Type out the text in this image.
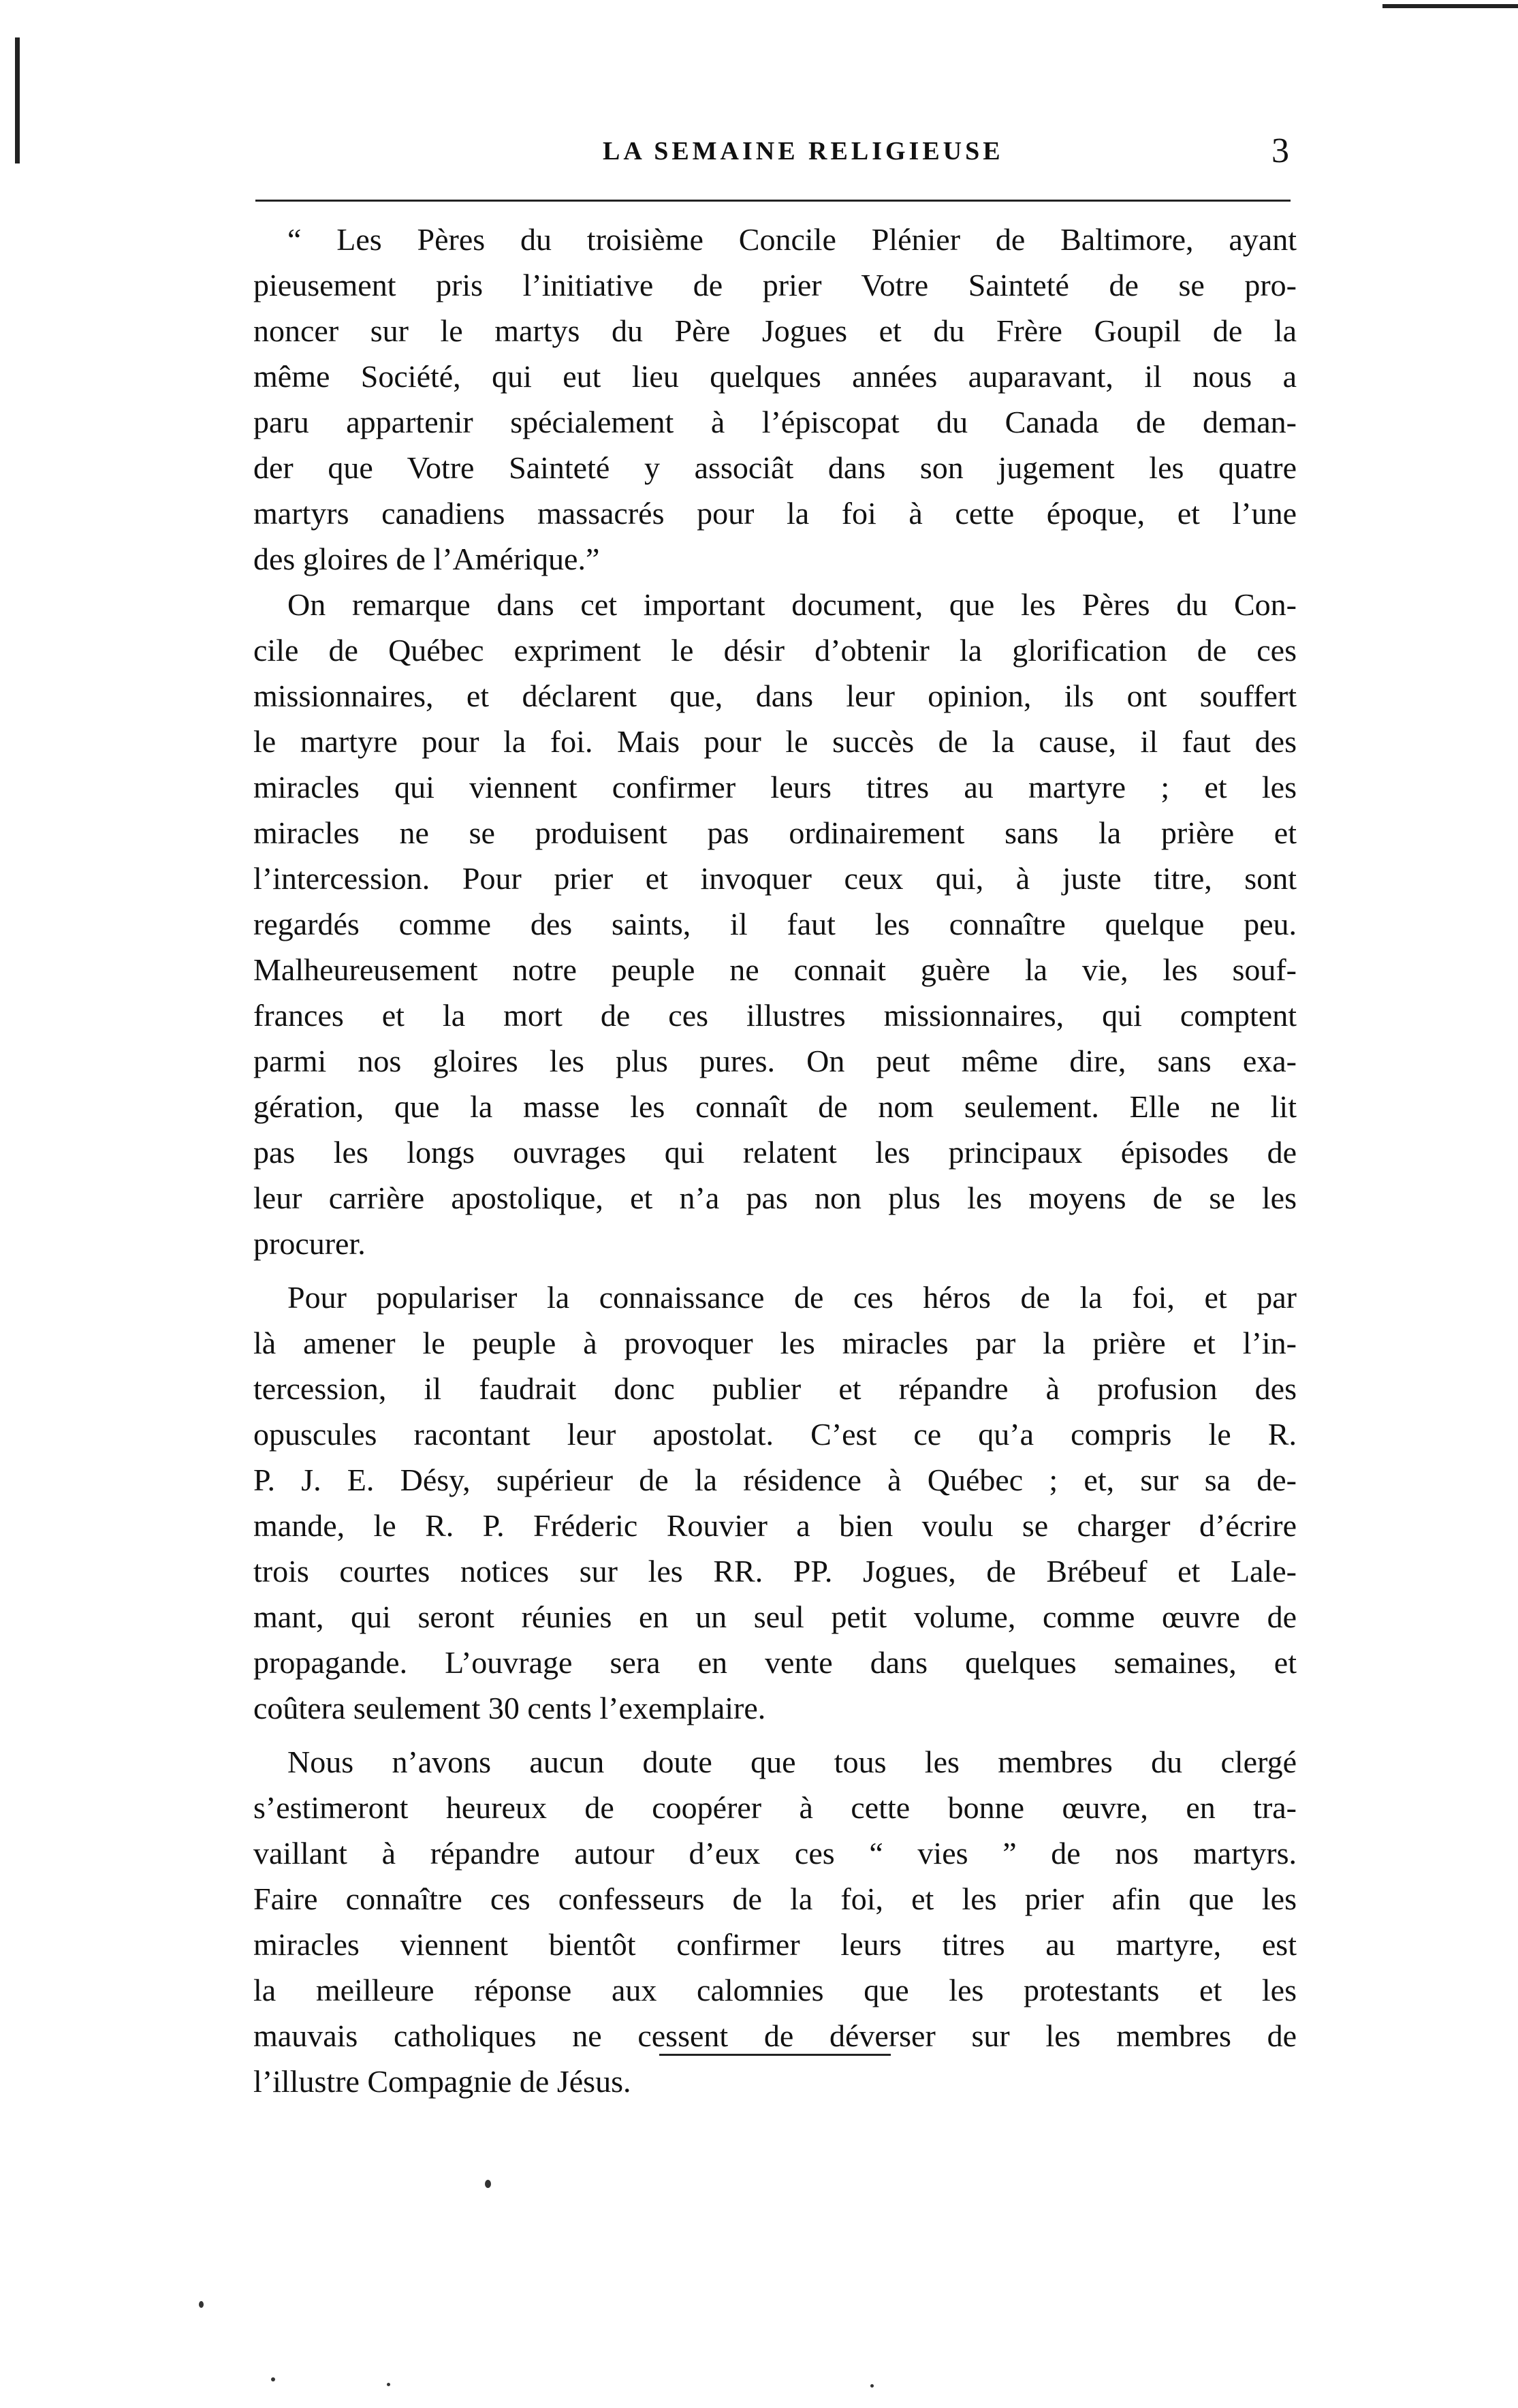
LA SEMAINE RELIGIEUSE	3
“ Les Pères du troisième Concile Plénier de Baltimore, ayant
pieusement pris l’initiative de prier Votre Sainteté de se pro-
noncer sur le martys du Père Jogues et du Frère Goupil de la
même Société, qui eut lieu quelques années auparavant, il nous a
paru appartenir spécialement à l’épiscopat du Canada de deman-
der que Votre Sainteté y associât dans son jugement les quatre
martyrs canadiens massacrés pour la foi à cette époque, et l’une
des gloires de l’Amérique.”
On remarque dans cet important document, que les Pères du Con-
cile de Québec expriment le désir d’obtenir la glorification de ces
missionnaires, et déclarent que, dans leur opinion, ils ont souffert
le martyre pour la foi. Mais pour le succès de la cause, il faut des
miracles qui viennent confirmer leurs titres au martyre ; et les
miracles ne se produisent pas ordinairement sans la prière et
l’intercession. Pour prier et invoquer ceux qui, à juste titre, sont
regardés comme des saints, il faut les connaître quelque peu.
Malheureusement notre peuple ne connait guère la vie, les souf-
frances et la mort de ces illustres missionnaires, qui comptent
parmi nos gloires les plus pures. On peut même dire, sans exa-
gération, que la masse les connaît de nom seulement. Elle ne lit
pas les longs ouvrages qui relatent les principaux épisodes de
leur carrière apostolique, et n’a pas non plus les moyens de se les
procurer.
Pour populariser la connaissance de ces héros de la foi, et par
là amener le peuple à provoquer les miracles par la prière et l’in-
tercession, il faudrait donc publier et répandre à profusion des
opuscules racontant leur apostolat. C’est ce qu’a compris le R.
P. J. E. Désy, supérieur de la résidence à Québec ; et, sur sa de-
mande, le R. P. Fréderic Rouvier a bien voulu se charger d’écrire
trois courtes notices sur les RR. PP. Jogues, de Brébeuf et Lale-
mant, qui seront réunies en un seul petit volume, comme œuvre de
propagande. L’ouvrage sera en vente dans quelques semaines, et
coûtera seulement 30 cents l’exemplaire.
Nous n’avons aucun doute que tous les membres du clergé
s’estimeront heureux de coopérer à cette bonne œuvre, en tra-
vaillant à répandre autour d’eux ces “ vies ” de nos martyrs.
Faire connaître ces confesseurs de la foi, et les prier afin que les
miracles viennent bientôt confirmer leurs titres au martyre, est
la meilleure réponse aux calomnies que les protestants et les
mauvais catholiques ne cessent de déverser sur les membres de
l’illustre Compagnie de Jésus.
